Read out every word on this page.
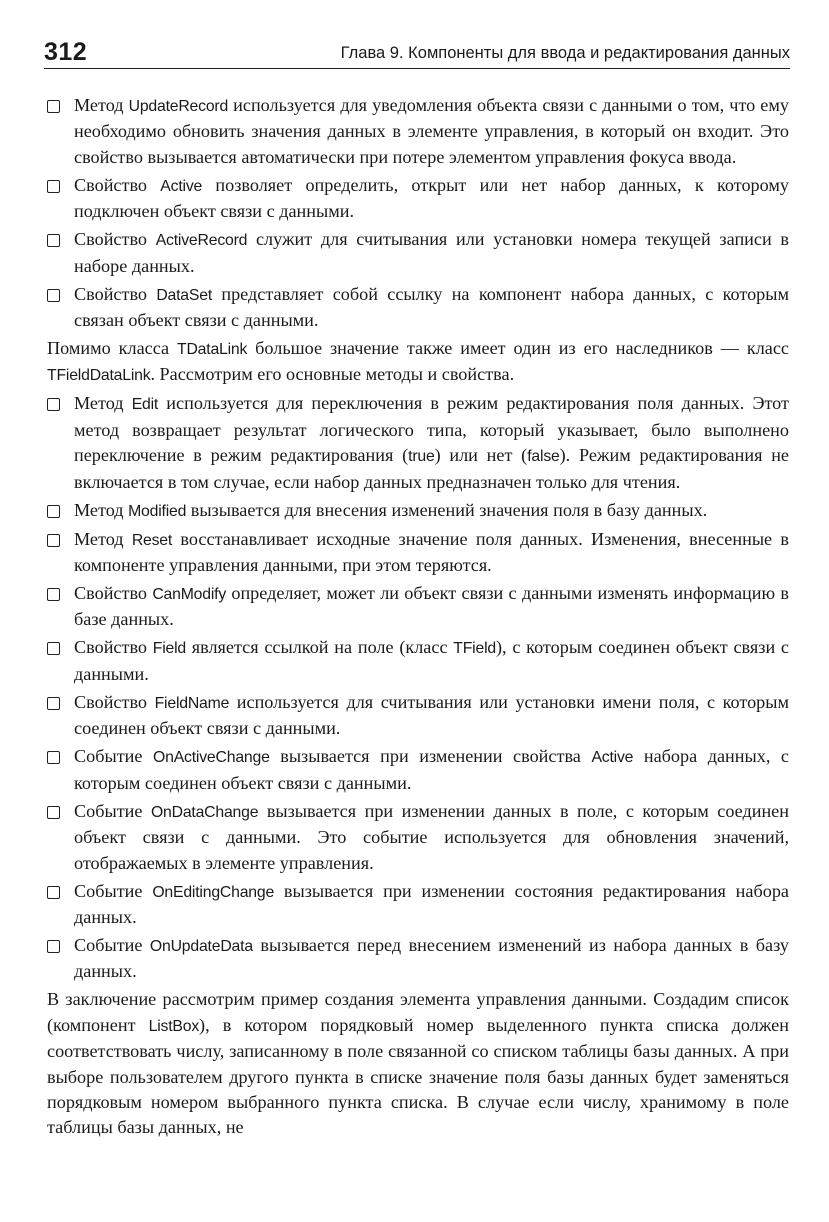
312	Глава 9. Компоненты для ввода и редактирования данных
Метод UpdateRecord используется для уведомления объекта связи с данными о том, что ему необходимо обновить значения данных в элементе управления, в который он входит. Это свойство вызывается автоматически при потере элементом управления фокуса ввода.
Свойство Active позволяет определить, открыт или нет набор данных, к которому подключен объект связи с данными.
Свойство ActiveRecord служит для считывания или установки номера текущей записи в наборе данных.
Свойство DataSet представляет собой ссылку на компонент набора данных, с которым связан объект связи с данными.
Помимо класса TDataLink большое значение также имеет один из его наследников — класс TFieldDataLink. Рассмотрим его основные методы и свойства.
Метод Edit используется для переключения в режим редактирования поля данных. Этот метод возвращает результат логического типа, который указывает, было выполнено переключение в режим редактирования (true) или нет (false). Режим редактирования не включается в том случае, если набор данных предназначен только для чтения.
Метод Modified вызывается для внесения изменений значения поля в базу данных.
Метод Reset восстанавливает исходные значение поля данных. Изменения, внесенные в компоненте управления данными, при этом теряются.
Свойство CanModify определяет, может ли объект связи с данными изменять информацию в базе данных.
Свойство Field является ссылкой на поле (класс TField), с которым соединен объект связи с данными.
Свойство FieldName используется для считывания или установки имени поля, с которым соединен объект связи с данными.
Событие OnActiveChange вызывается при изменении свойства Active набора данных, с которым соединен объект связи с данными.
Событие OnDataChange вызывается при изменении данных в поле, с которым соединен объект связи с данными. Это событие используется для обновления значений, отображаемых в элементе управления.
Событие OnEditingChange вызывается при изменении состояния редактирования набора данных.
Событие OnUpdateData вызывается перед внесением изменений из набора данных в базу данных.
В заключение рассмотрим пример создания элемента управления данными. Создадим список (компонент ListBox), в котором порядковый номер выделенного пункта списка должен соответствовать числу, записанному в поле связанной со списком таблицы базы данных. А при выборе пользователем другого пункта в списке значение поля базы данных будет заменяться порядковым номером выбранного пункта списка. В случае если числу, хранимому в поле таблицы базы данных, не
